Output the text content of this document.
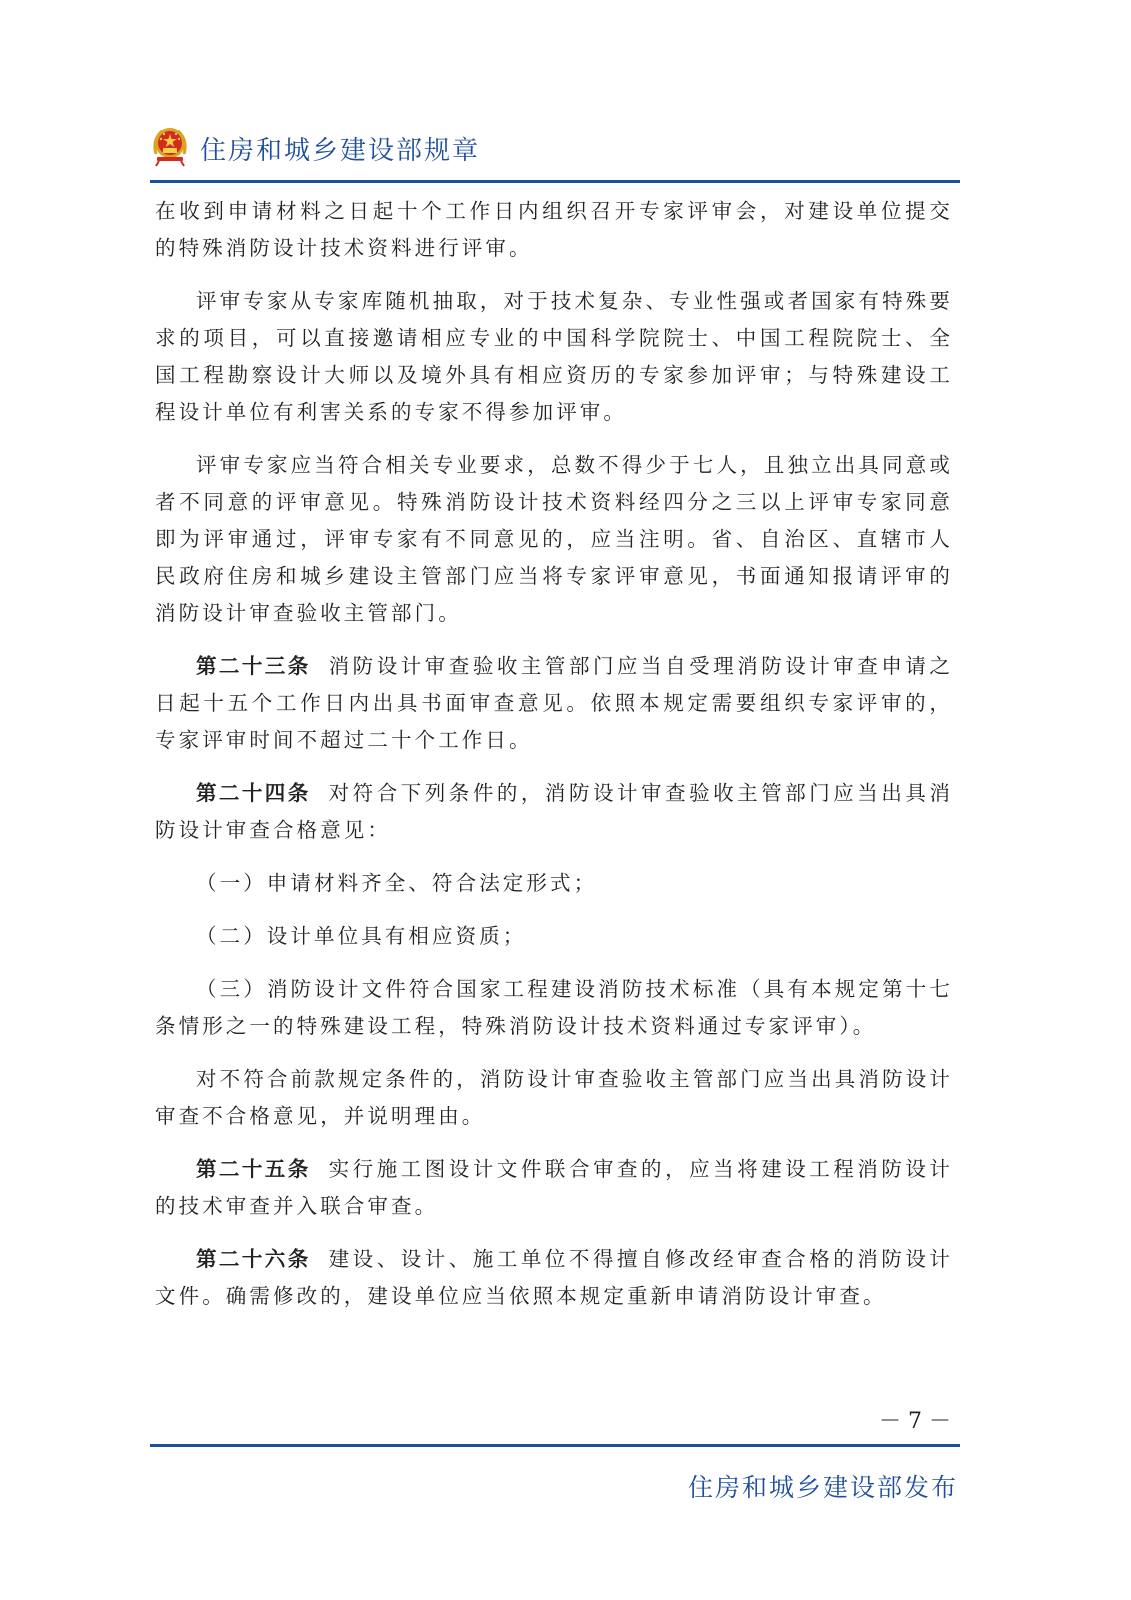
住房和城乡建设部规章

在收到申请材料之日起十个工作日内组织召开专家评审会，对建设单位提交的特殊消防设计技术资料进行评审。

评审专家从专家库随机抽取，对于技术复杂、专业性强或者国家有特殊要求的项目，可以直接邀请相应专业的中国科学院院士、中国工程院院士、全国工程勘察设计大师以及境外具有相应资历的专家参加评审；与特殊建设工程设计单位有利害关系的专家不得参加评审。

评审专家应当符合相关专业要求，总数不得少于七人，且独立出具同意或者不同意的评审意见。特殊消防设计技术资料经四分之三以上评审专家同意即为评审通过，评审专家有不同意见的，应当注明。省、自治区、直辖市人民政府住房和城乡建设主管部门应当将专家评审意见，书面通知报请评审的消防设计审查验收主管部门。

第二十三条 消防设计审查验收主管部门应当自受理消防设计审查申请之日起十五个工作日内出具书面审查意见。依照本规定需要组织专家评审的，专家评审时间不超过二十个工作日。

第二十四条 对符合下列条件的，消防设计审查验收主管部门应当出具消防设计审查合格意见：

（一）申请材料齐全、符合法定形式；

（二）设计单位具有相应资质；

（三）消防设计文件符合国家工程建设消防技术标准（具有本规定第十七条情形之一的特殊建设工程，特殊消防设计技术资料通过专家评审）。

对不符合前款规定条件的，消防设计审查验收主管部门应当出具消防设计审查不合格意见，并说明理由。

第二十五条 实行施工图设计文件联合审查的，应当将建设工程消防设计的技术审查并入联合审查。

第二十六条 建设、设计、施工单位不得擅自修改经审查合格的消防设计文件。确需修改的，建设单位应当依照本规定重新申请消防设计审查。

－ 7 －
住房和城乡建设部发布
